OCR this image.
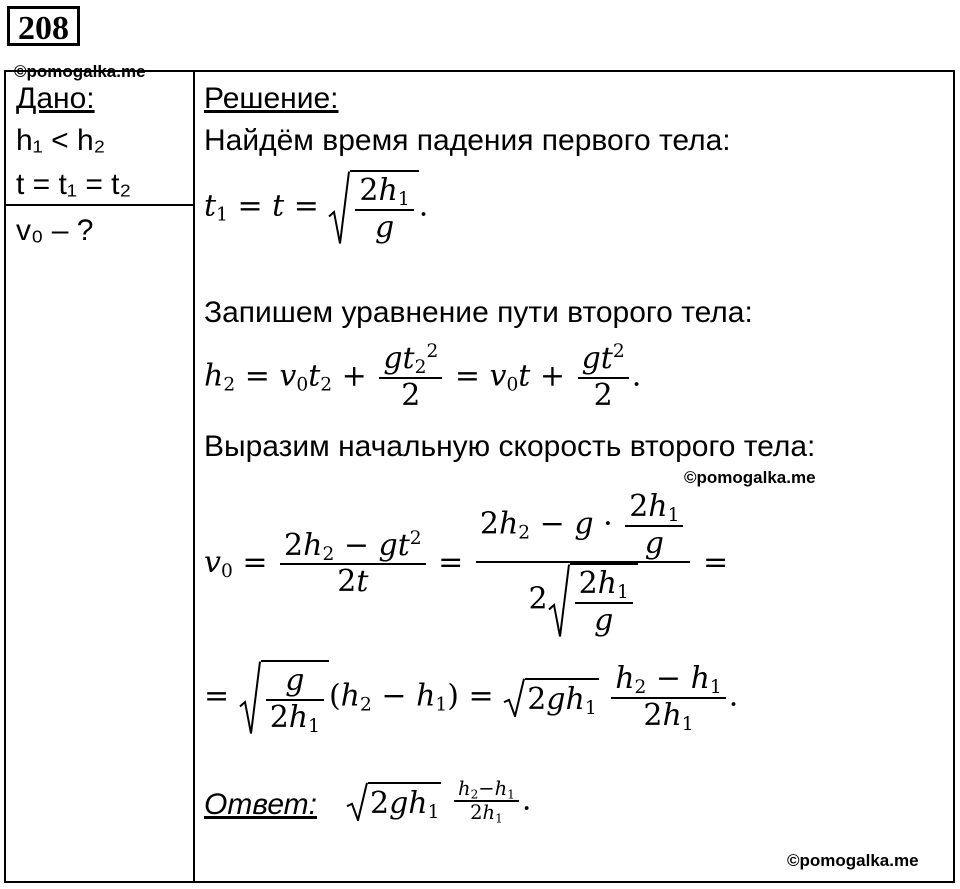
208
©pomogalka.me
Дано:
h₁ < h₂
t = t₁ = t₂
v₀ – ?
Решение:
Найдём время падения первого тела:
$t_1 = t = \frac{2h_1}{g}$ .
Запишем уравнение пути второго тела:
$h_2 = v_0t_2 + \frac{gt_2^2}{2} = v_0t + \frac{gt^2}{2}$ .
Выразим начальную скорость второго тела:
$v_0 = \frac{2h_2 - gt^2}{2t} = \frac{2h_2 - g \cdot \frac{2h_1}{g}}{2 \frac{2h_1}{g}}$ =
= $\frac{g}{2h_1} (h_2 - h_1) = 2gh_1 \frac{h_2 - h_1}{2h_1}$ .
Ответ:	$2gh_1 \frac{h_2-h_1}{2h_1}$ .
©pomogalka.me
©pomogalka.me
